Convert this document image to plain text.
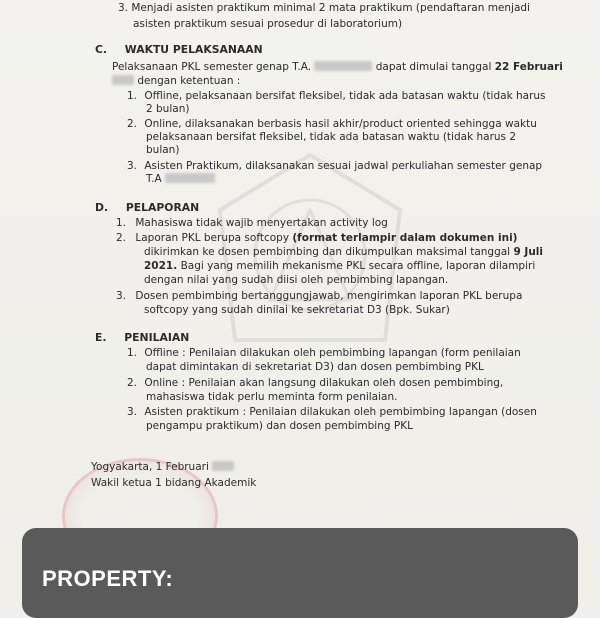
3. Menjadi asisten praktikum minimal 2 mata praktikum (pendaftaran menjadi
asisten praktikum sesuai prosedur di laboratorium)
C. WAKTU PELAKSANAAN
Pelaksanaan PKL semester genap T.A.	dapat dimulai tanggal 22 Februari
dengan ketentuan :
1. Offline, pelaksanaan bersifat fleksibel, tidak ada batasan waktu (tidak harus
2 bulan)
2. Online, dilaksanakan berbasis hasil akhir/product oriented sehingga waktu
pelaksanaan bersifat fleksibel, tidak ada batasan waktu (tidak harus 2
bulan)
3. Asisten Praktikum, dilaksanakan sesuai jadwal perkuliahan semester genap
T.A
D. PELAPORAN
1. Mahasiswa tidak wajib menyertakan activity log
2. Laporan PKL berupa softcopy (format terlampir dalam dokumen ini)
dikirimkan ke dosen pembimbing dan dikumpulkan maksimal tanggal 9 Juli
2021. Bagi yang memilih mekanisme PKL secara offline, laporan dilampiri
dengan nilai yang sudah diisi oleh pembimbing lapangan.
3. Dosen pembimbing bertanggungjawab, mengirimkan laporan PKL berupa
softcopy yang sudah dinilai ke sekretariat D3 (Bpk. Sukar)
E. PENILAIAN
1. Offline : Penilaian dilakukan oleh pembimbing lapangan (form penilaian
dapat dimintakan di sekretariat D3) dan dosen pembimbing PKL
2. Online : Penilaian akan langsung dilakukan oleh dosen pembimbing,
mahasiswa tidak perlu meminta form penilaian.
3. Asisten praktikum : Penilaian dilakukan oleh pembimbing lapangan (dosen
pengampu praktikum) dan dosen pembimbing PKL
Yogyakarta, 1 Februari
Wakil ketua 1 bidang Akademik
PROPERTY:
